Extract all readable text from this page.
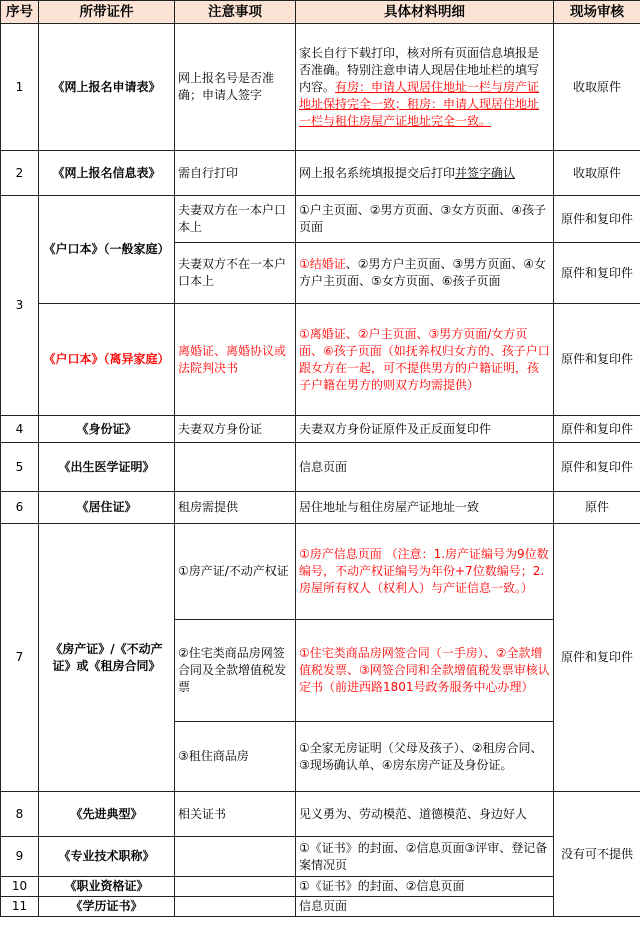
序号	所带证件	注意事项	具体材料明细	现场审核
1	《网上报名申请表》	网上报名号是否准确；申请人签字	家长自行下载打印，核对所有页面信息填报是否准确。特别注意申请人现居住地址栏的填写内容。有房：申请人现居住地址一栏与房产证地址保持完全一致；租房：申请人现居住地址一栏与租住房屋产证地址完全一致。	收取原件
2	《网上报名信息表》	需自行打印	网上报名系统填报提交后打印并签字确认	收取原件
3	《户口本》（一般家庭）	夫妻双方在一本户口本上	①户主页面、②男方页面、③女方页面、④孩子页面	原件和复印件
		夫妻双方不在一本户口本上	①结婚证、②男方户主页面、③男方页面、④女方户主页面、⑤女方页面、⑥孩子页面	原件和复印件
	《户口本》（离异家庭）	离婚证、离婚协议或法院判决书	①离婚证、②户主页面、③男方页面/女方页面、⑥孩子页面（如抚养权归女方的、孩子户口跟女方在一起，可不提供男方的户籍证明，孩子户籍在男方的则双方均需提供）	原件和复印件
4	《身份证》	夫妻双方身份证	夫妻双方身份证原件及正反面复印件	原件和复印件
5	《出生医学证明》		信息页面	原件和复印件
6	《居住证》	租房需提供	居住地址与租住房屋产证地址一致	原件
7	《房产证》/《不动产证》或《租房合同》	①房产证/不动产权证	①房产信息页面 （注意：1.房产证编号为9位数编号，不动产权证编号为年份+7位数编号；2.房屋所有权人（权利人）与产证信息一致。）	原件和复印件
		②住宅类商品房网签合同及全款增值税发票	①住宅类商品房网签合同（一手房）、②全款增值税发票、③网签合同和全款增值税发票审核认定书（前进西路1801号政务服务中心办理）	
		③租住商品房	①全家无房证明（父母及孩子）、②租房合同、③现场确认单、④房东房产证及身份证。	
8	《先进典型》	相关证书	见义勇为、劳动模范、道德模范、身边好人	没有可不提供
9	《专业技术职称》		①《证书》的封面、②信息页面③评审、登记备案情况页	
10	《职业资格证》		①《证书》的封面、②信息页面	
11	《学历证书》		信息页面	
